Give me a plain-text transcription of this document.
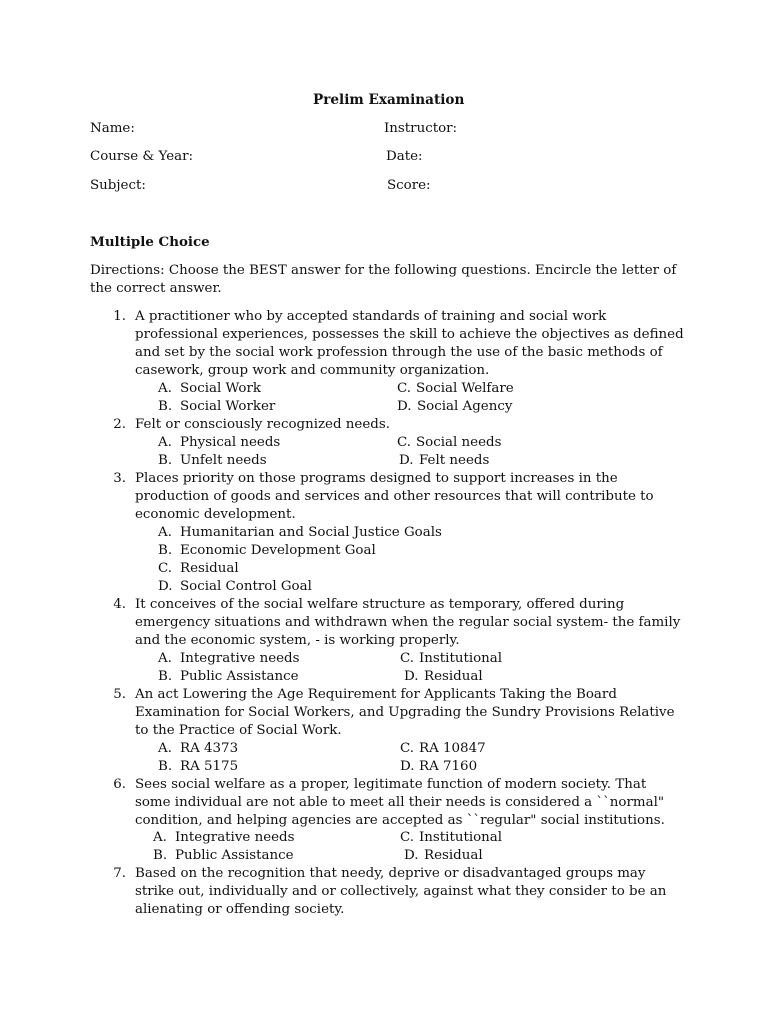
Prelim Examination
Name:	Instructor:
Course & Year:	Date:
Subject:	Score:
Multiple Choice
Directions: Choose the BEST answer for the following questions. Encircle the letter of
the correct answer.
1. A practitioner who by accepted standards of training and social work
professional experiences, possesses the skill to achieve the objectives as defined
and set by the social work profession through the use of the basic methods of
casework, group work and community organization.
A. Social Work	C. Social Welfare
B. Social Worker	D. Social Agency
2. Felt or consciously recognized needs.
A. Physical needs	C. Social needs
B. Unfelt needs	D. Felt needs
3. Places priority on those programs designed to support increases in the
production of goods and services and other resources that will contribute to
economic development.
A. Humanitarian and Social Justice Goals
B. Economic Development Goal
C. Residual
D. Social Control Goal
4. It conceives of the social welfare structure as temporary, offered during
emergency situations and withdrawn when the regular social system- the family
and the economic system, - is working properly.
A. Integrative needs	C. Institutional
B. Public Assistance	D. Residual
5. An act Lowering the Age Requirement for Applicants Taking the Board
Examination for Social Workers, and Upgrading the Sundry Provisions Relative
to the Practice of Social Work.
A. RA 4373	C. RA 10847
B. RA 5175	D. RA 7160
6. Sees social welfare as a proper, legitimate function of modern society. That
some individual are not able to meet all their needs is considered a ``normal"
condition, and helping agencies are accepted as ``regular" social institutions.
A. Integrative needs	C. Institutional
B. Public Assistance	D. Residual
7. Based on the recognition that needy, deprive or disadvantaged groups may
strike out, individually and or collectively, against what they consider to be an
alienating or offending society.
